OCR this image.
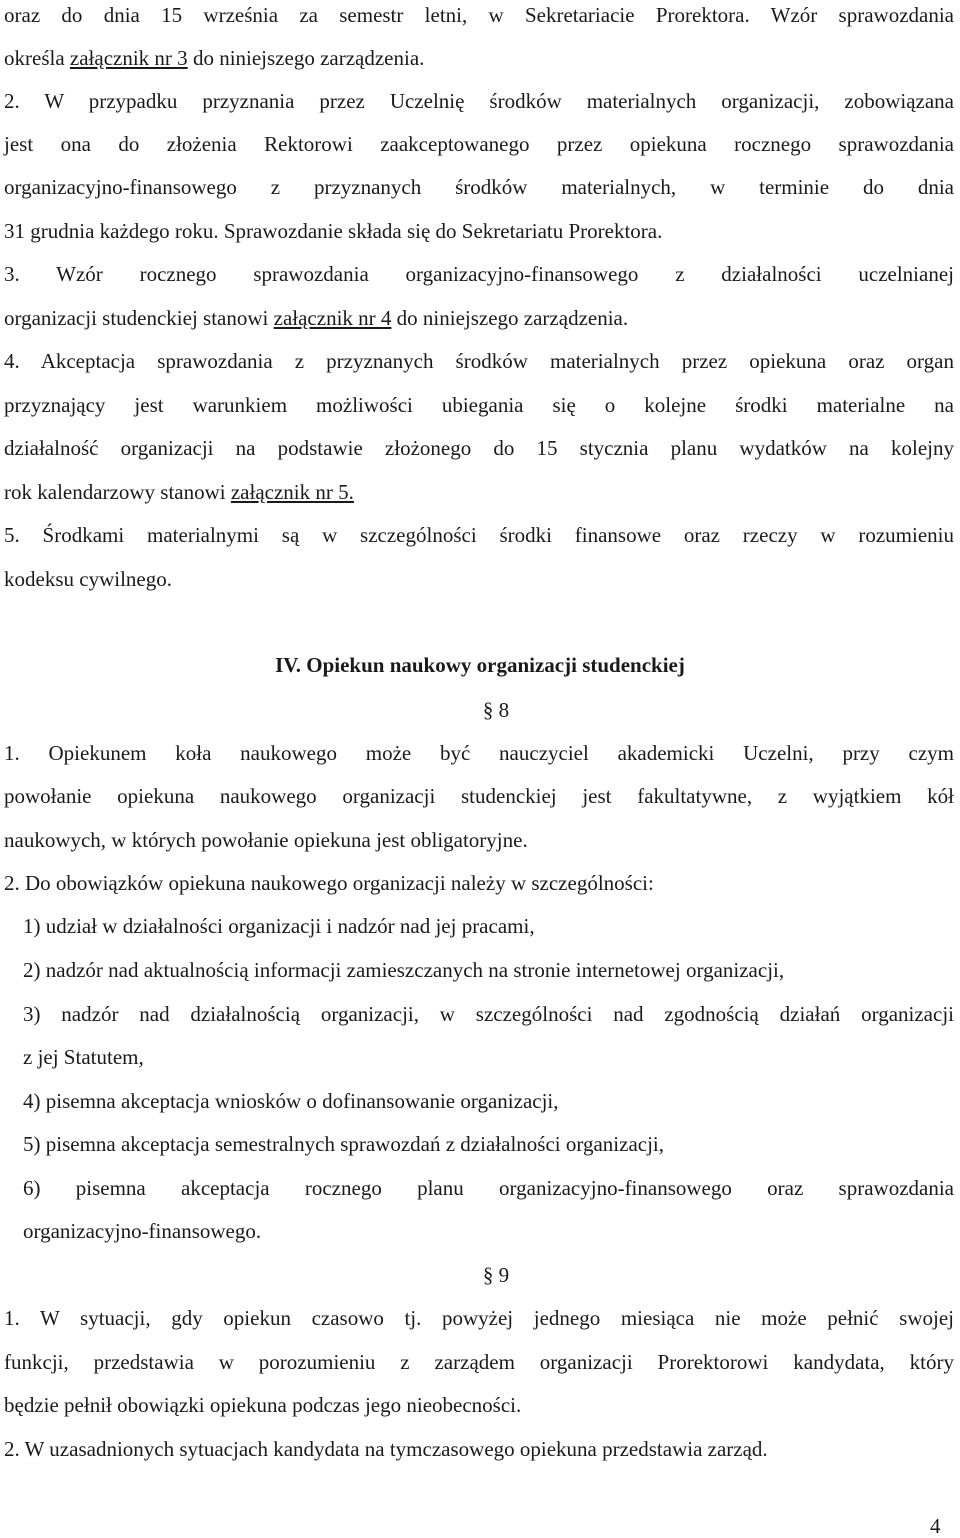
oraz do dnia 15 września za semestr letni, w Sekretariacie Prorektora. Wzór sprawozdania
określa załącznik nr 3 do niniejszego zarządzenia.
2. W przypadku przyznania przez Uczelnię środków materialnych organizacji, zobowiązana
jest ona do złożenia Rektorowi zaakceptowanego przez opiekuna rocznego sprawozdania
organizacyjno-finansowego z przyznanych środków materialnych, w terminie do dnia
31 grudnia każdego roku. Sprawozdanie składa się do Sekretariatu Prorektora.
3. Wzór rocznego sprawozdania organizacyjno-finansowego z działalności uczelnianej
organizacji studenckiej stanowi załącznik nr 4 do niniejszego zarządzenia.
4. Akceptacja sprawozdania z przyznanych środków materialnych przez opiekuna oraz organ
przyznający jest warunkiem możliwości ubiegania się o kolejne środki materialne na
działalność organizacji na podstawie złożonego do 15 stycznia planu wydatków na kolejny
rok kalendarzowy stanowi załącznik nr 5.
5. Środkami materialnymi są w szczególności środki finansowe oraz rzeczy w rozumieniu
kodeksu cywilnego.
IV. Opiekun naukowy organizacji studenckiej
§ 8
1. Opiekunem koła naukowego może być nauczyciel akademicki Uczelni, przy czym
powołanie opiekuna naukowego organizacji studenckiej jest fakultatywne, z wyjątkiem kół
naukowych, w których powołanie opiekuna jest obligatoryjne.
2. Do obowiązków opiekuna naukowego organizacji należy w szczególności:
1) udział w działalności organizacji i nadzór nad jej pracami,
2) nadzór nad aktualnością informacji zamieszczanych na stronie internetowej organizacji,
3) nadzór nad działalnością organizacji, w szczególności nad zgodnością działań organizacji
z jej Statutem,
4) pisemna akceptacja wniosków o dofinansowanie organizacji,
5) pisemna akceptacja semestralnych sprawozdań z działalności organizacji,
6) pisemna akceptacja rocznego planu organizacyjno-finansowego oraz sprawozdania
organizacyjno-finansowego.
§ 9
1. W sytuacji, gdy opiekun czasowo tj. powyżej jednego miesiąca nie może pełnić swojej
funkcji, przedstawia w porozumieniu z zarządem organizacji Prorektorowi kandydata, który
będzie pełnił obowiązki opiekuna podczas jego nieobecności.
2. W uzasadnionych sytuacjach kandydata na tymczasowego opiekuna przedstawia zarząd.
4
